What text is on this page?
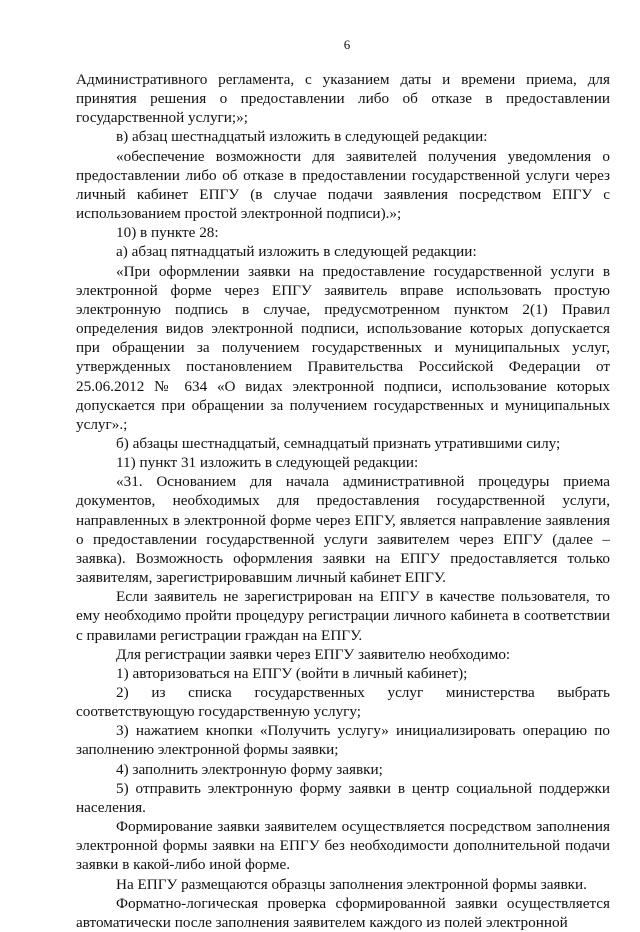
6

Административного регламента, с указанием даты и времени приема, для принятия решения о предоставлении либо об отказе в предоставлении государственной услуги;»;

в) абзац шестнадцатый изложить в следующей редакции:

«обеспечение возможности для заявителей получения уведомления о предоставлении либо об отказе в предоставлении государственной услуги через личный кабинет ЕПГУ (в случае подачи заявления посредством ЕПГУ с использованием простой электронной подписи).»;

10) в пункте 28:

а) абзац пятнадцатый изложить в следующей редакции:

«При оформлении заявки на предоставление государственной услуги в электронной форме через ЕПГУ заявитель вправе использовать простую электронную подпись в случае, предусмотренном пунктом 2(1) Правил определения видов электронной подписи, использование которых допускается при обращении за получением государственных и муниципальных услуг, утвержденных постановлением Правительства Российской Федерации от 25.06.2012 № 634 «О видах электронной подписи, использование которых допускается при обращении за получением государственных и муниципальных услуг».;

б) абзацы шестнадцатый, семнадцатый признать утратившими силу;

11) пункт 31 изложить в следующей редакции:

«31. Основанием для начала административной процедуры приема документов, необходимых для предоставления государственной услуги, направленных в электронной форме через ЕПГУ, является направление заявления о предоставлении государственной услуги заявителем через ЕПГУ (далее – заявка). Возможность оформления заявки на ЕПГУ предоставляется только заявителям, зарегистрировавшим личный кабинет ЕПГУ.

Если заявитель не зарегистрирован на ЕПГУ в качестве пользователя, то ему необходимо пройти процедуру регистрации личного кабинета в соответствии с правилами регистрации граждан на ЕПГУ.

Для регистрации заявки через ЕПГУ заявителю необходимо:

1) авторизоваться на ЕПГУ (войти в личный кабинет);

2) из списка государственных услуг министерства выбрать соответствующую государственную услугу;

3) нажатием кнопки «Получить услугу» инициализировать операцию по заполнению электронной формы заявки;

4) заполнить электронную форму заявки;

5) отправить электронную форму заявки в центр социальной поддержки населения.

Формирование заявки заявителем осуществляется посредством заполнения электронной формы заявки на ЕПГУ без необходимости дополнительной подачи заявки в какой-либо иной форме.

На ЕПГУ размещаются образцы заполнения электронной формы заявки.

Форматно-логическая проверка сформированной заявки осуществляется автоматически после заполнения заявителем каждого из полей электронной
